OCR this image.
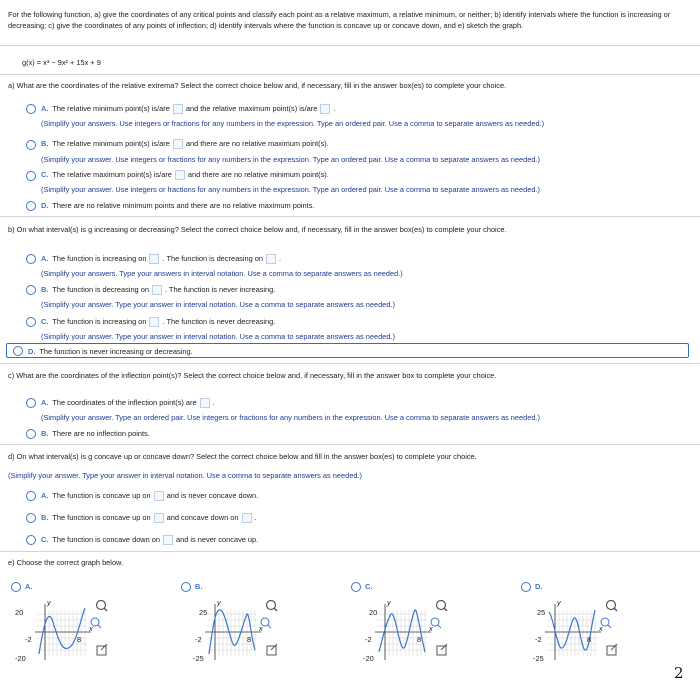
For the following function, a) give the coordinates of any critical points and classify each point as a relative maximum, a relative minimum, or neither; b) identify intervals where the function is increasing or decreasing; c) give the coordinates of any points of inflection; d) identify intervals where the function is concave up or concave down, and e) sketch the graph.
g(x) = x³ − 9x² + 15x + 9
a) What are the coordinates of the relative extrema? Select the correct choice below and, if necessary, fill in the answer box(es) to complete your choice.
A. The relative minimum point(s) is/are and the relative maximum point(s) is/are .
(Simplify your answers. Use integers or fractions for any numbers in the expression. Type an ordered pair. Use a comma to separate answers as needed.)
B. The relative minimum point(s) is/are and there are no relative maximum point(s).
(Simplify your answer. Use integers or fractions for any numbers in the expression. Type an ordered pair. Use a comma to separate answers as needed.)
C. The relative maximum point(s) is/are and there are no relative minimum point(s).
(Simplify your answer. Use integers or fractions for any numbers in the expression. Type an ordered pair. Use a comma to separate answers as needed.)
D. There are no relative minimum points and there are no relative maximum points.
b) On what interval(s) is g increasing or decreasing? Select the correct choice below and, if necessary, fill in the answer box(es) to complete your choice.
A. The function is increasing on . The function is decreasing on .
(Simplify your answers. Type your answers in interval notation. Use a comma to separate answers as needed.)
B. The function is decreasing on . The function is never increasing.
(Simplify your answer. Type your answer in interval notation. Use a comma to separate answers as needed.)
C. The function is increasing on . The function is never decreasing.
(Simplify your answer. Type your answer in interval notation. Use a comma to separate answers as needed.)
D. The function is never increasing or decreasing.
c) What are the coordinates of the inflection point(s)? Select the correct choice below and, if necessary, fill in the answer box to complete your choice.
A. The coordinates of the inflection point(s) are .
(Simplify your answer. Type an ordered pair. Use integers or fractions for any numbers in the expression. Use a comma to separate answers as needed.)
B. There are no inflection points.
d) On what interval(s) is g concave up or concave down? Select the correct choice below and fill in the answer box(es) to complete your choice.
(Simplify your answer. Type your answer in interval notation. Use a comma to separate answers as needed.)
A. The function is concave up on and is never concave down.
B. The function is concave up on and concave down on .
C. The function is concave down on and is never concave up.
e) Choose the correct graph below.
A.
20
-20
-2	8
y
x
B.
25
-25
-2	8
y
x
C.
20
-20
-2	8
y
x
D.
25
-25
-2	8
y
x
2
